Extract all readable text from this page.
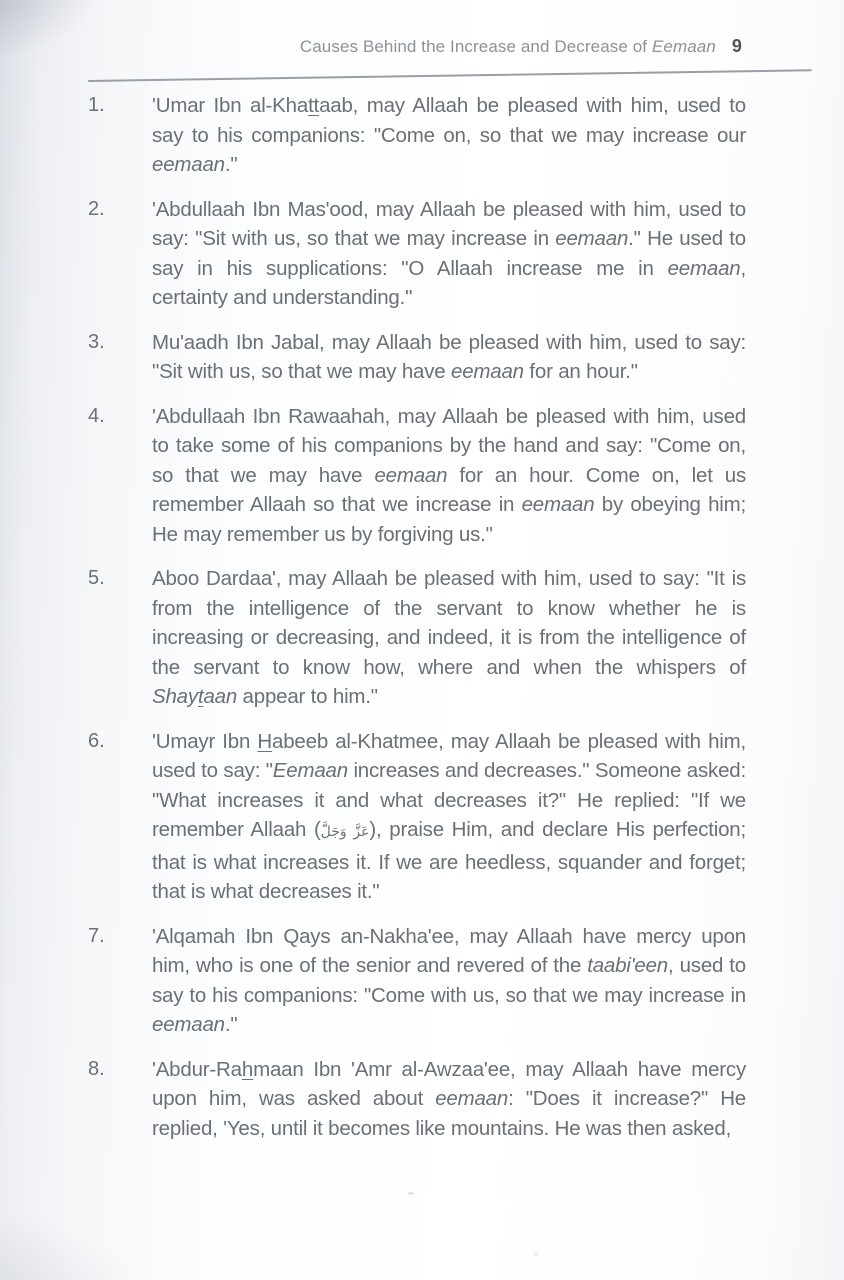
Causes Behind the Increase and Decrease of Eemaan 9
1.	'Umar Ibn al-Khattaab, may Allaah be pleased with him, used to say to his companions: "Come on, so that we may increase our eemaan."
2.	'Abdullaah Ibn Mas'ood, may Allaah be pleased with him, used to say: "Sit with us, so that we may increase in eemaan." He used to say in his supplications: "O Allaah increase me in eemaan, certainty and understanding."
3.	Mu'aadh Ibn Jabal, may Allaah be pleased with him, used to say: "Sit with us, so that we may have eemaan for an hour."
4.	'Abdullaah Ibn Rawaahah, may Allaah be pleased with him, used to take some of his companions by the hand and say: "Come on, so that we may have eemaan for an hour. Come on, let us remember Allaah so that we increase in eemaan by obeying him; He may remember us by forgiving us."
5.	Aboo Dardaa', may Allaah be pleased with him, used to say: "It is from the intelligence of the servant to know whether he is increasing or decreasing, and indeed, it is from the intelligence of the servant to know how, where and when the whispers of Shaytaan appear to him."
6.	'Umayr Ibn Habeeb al-Khatmee, may Allaah be pleased with him, used to say: "Eemaan increases and decreases." Someone asked: "What increases it and what decreases it?" He replied: "If we remember Allaah (عَزَّ وَجَلَّ), praise Him, and declare His perfection; that is what increases it. If we are heedless, squander and forget; that is what decreases it."
7.	'Alqamah Ibn Qays an-Nakha'ee, may Allaah have mercy upon him, who is one of the senior and revered of the taabi'een, used to say to his companions: "Come with us, so that we may increase in eemaan."
8.	'Abdur-Rahmaan Ibn 'Amr al-Awzaa'ee, may Allaah have mercy upon him, was asked about eemaan: "Does it increase?" He replied, 'Yes, until it becomes like mountains. He was then asked,
